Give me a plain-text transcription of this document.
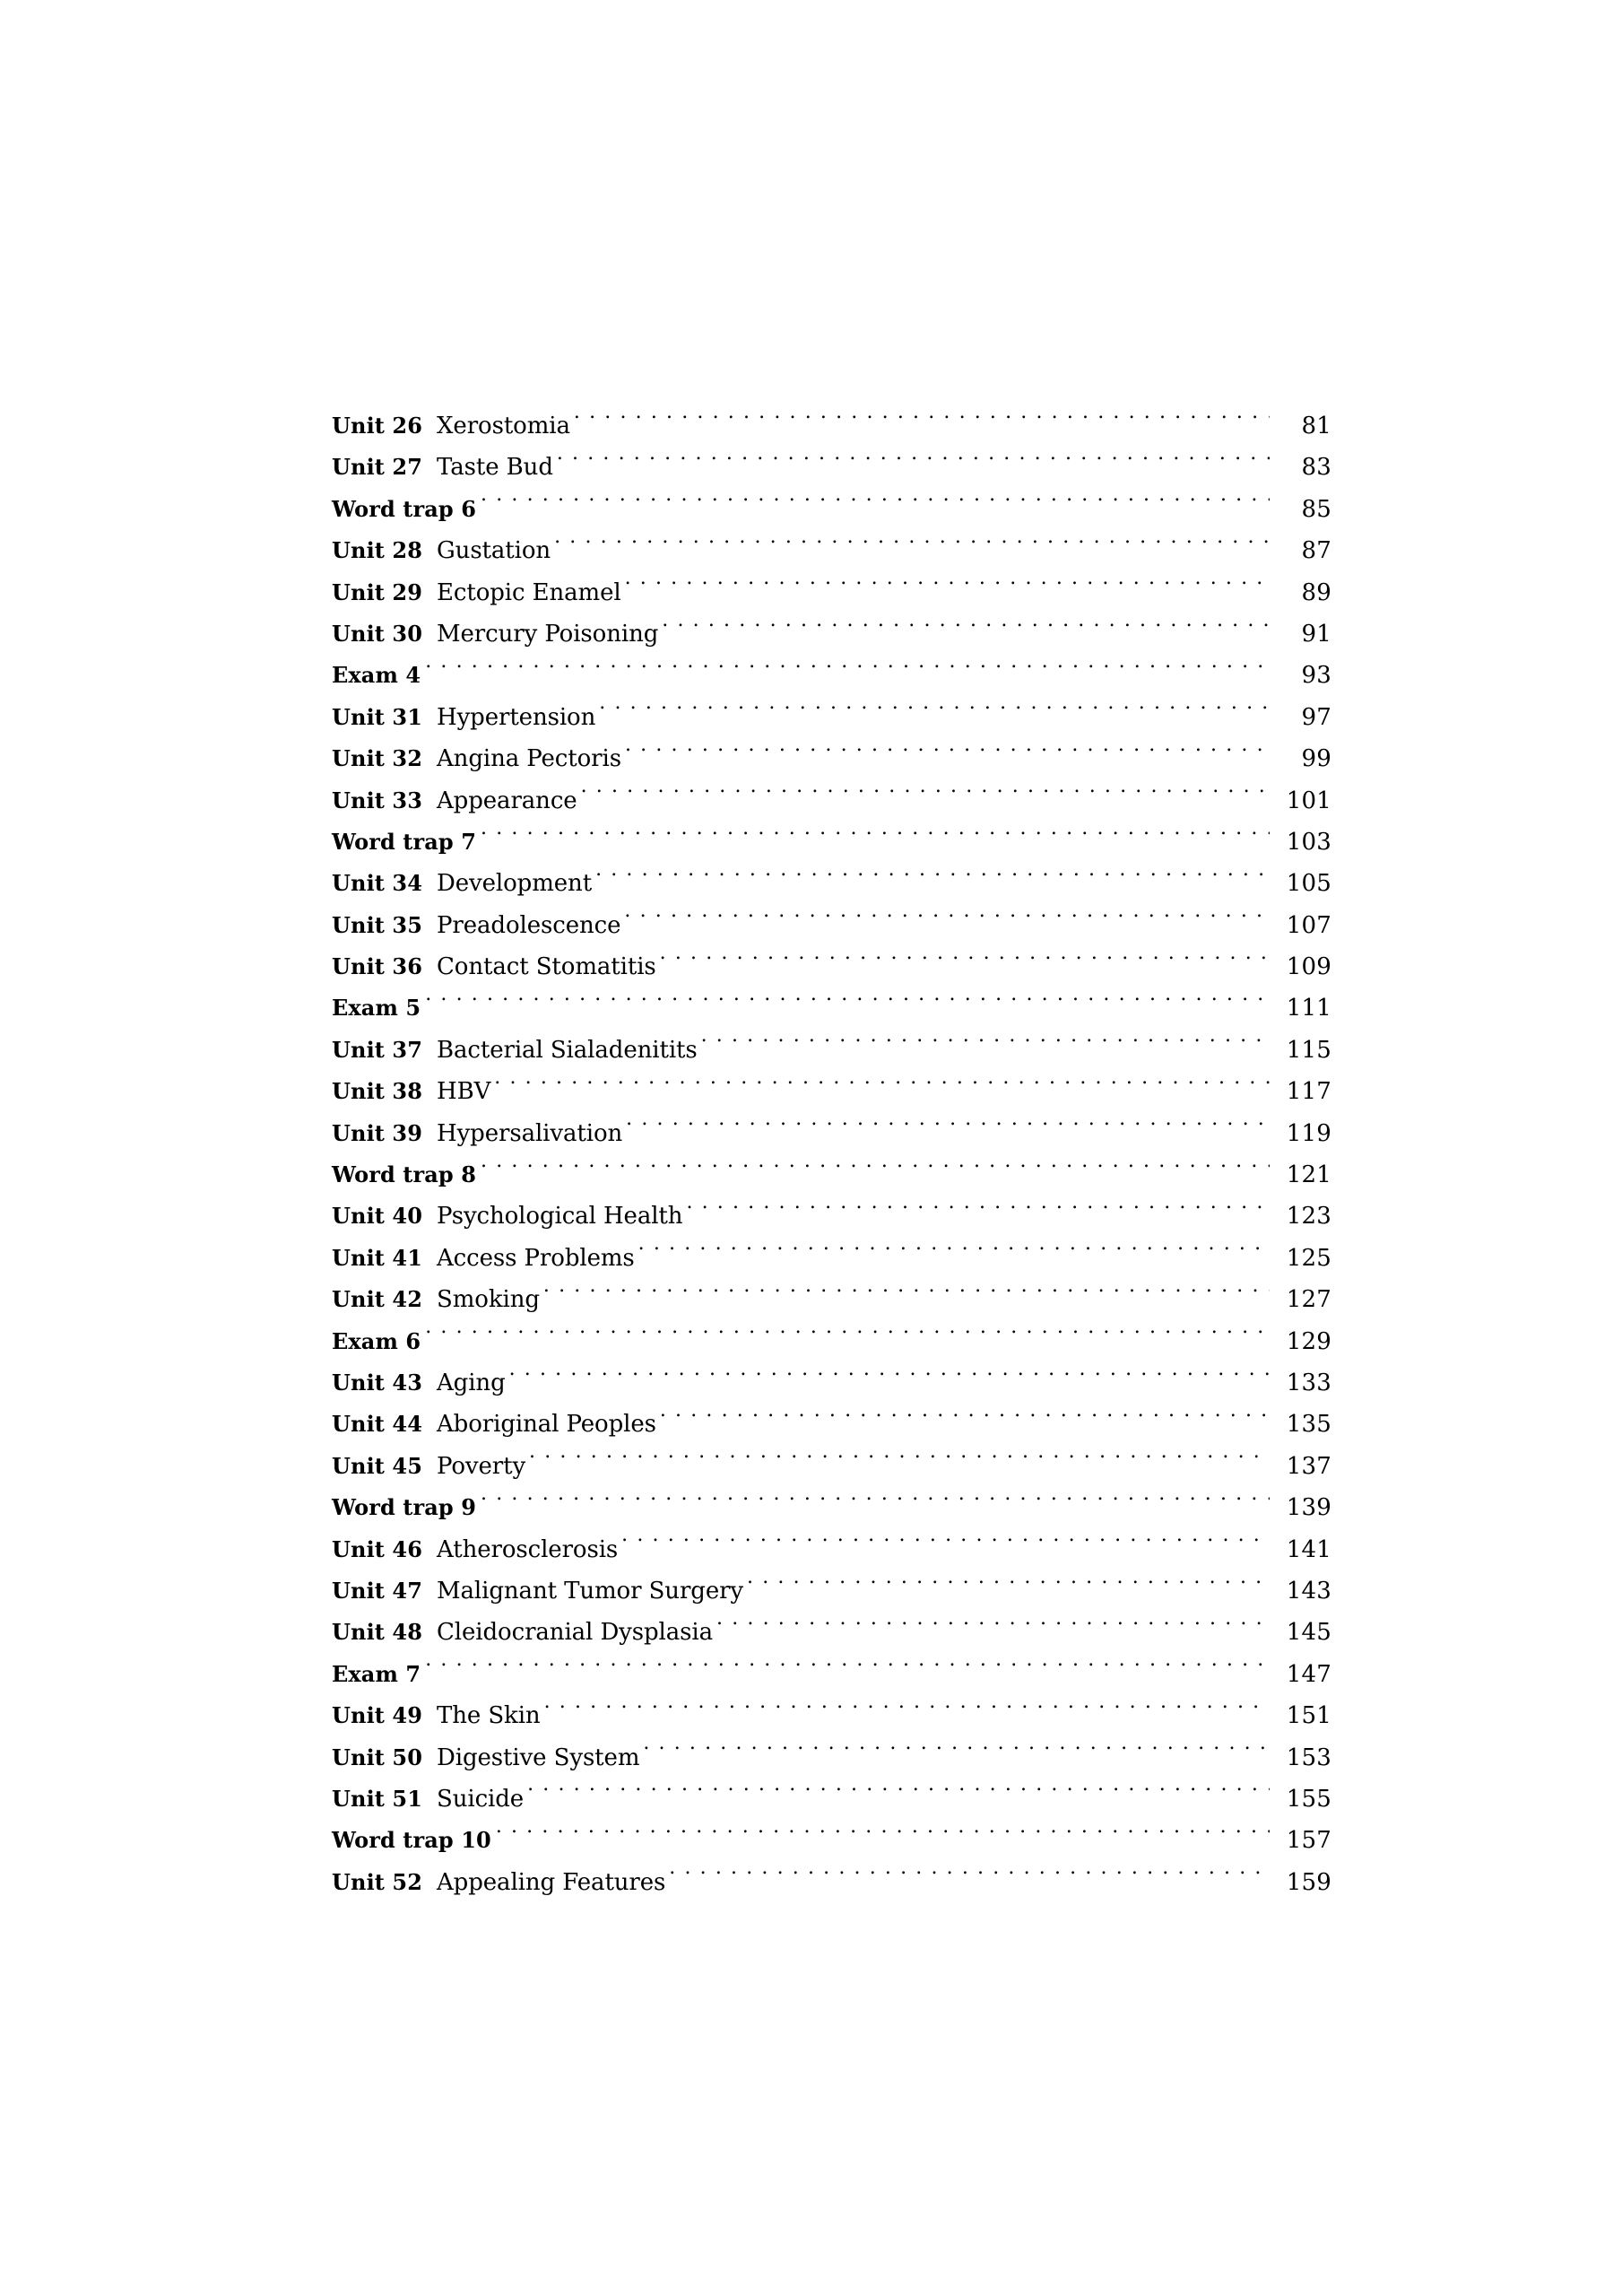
Unit 26 Xerostomia . . .	81
Unit 27 Taste Bud . . .	83
Word trap 6 . . .	85
Unit 28 Gustation . . .	87
Unit 29 Ectopic Enamel . . .	89
Unit 30 Mercury Poisoning . . .	91
Exam 4 . . .	93
Unit 31 Hypertension . . .	97
Unit 32 Angina Pectoris . . .	99
Unit 33 Appearance . . .	101
Word trap 7 . . .	103
Unit 34 Development . . .	105
Unit 35 Preadolescence . . .	107
Unit 36 Contact Stomatitis . . .	109
Exam 5 . . .	111
Unit 37 Bacterial Sialadenitits . . .	115
Unit 38 HBV . . .	117
Unit 39 Hypersalivation . . .	119
Word trap 8 . . .	121
Unit 40 Psychological Health . . .	123
Unit 41 Access Problems . . .	125
Unit 42 Smoking . . .	127
Exam 6 . . .	129
Unit 43 Aging . . .	133
Unit 44 Aboriginal Peoples . . .	135
Unit 45 Poverty . . .	137
Word trap 9 . . .	139
Unit 46 Atherosclerosis . . .	141
Unit 47 Malignant Tumor Surgery . . .	143
Unit 48 Cleidocranial Dysplasia . . .	145
Exam 7 . . .	147
Unit 49 The Skin . . .	151
Unit 50 Digestive System . . .	153
Unit 51 Suicide . . .	155
Word trap 10 . . .	157
Unit 52 Appealing Features . . .	159
